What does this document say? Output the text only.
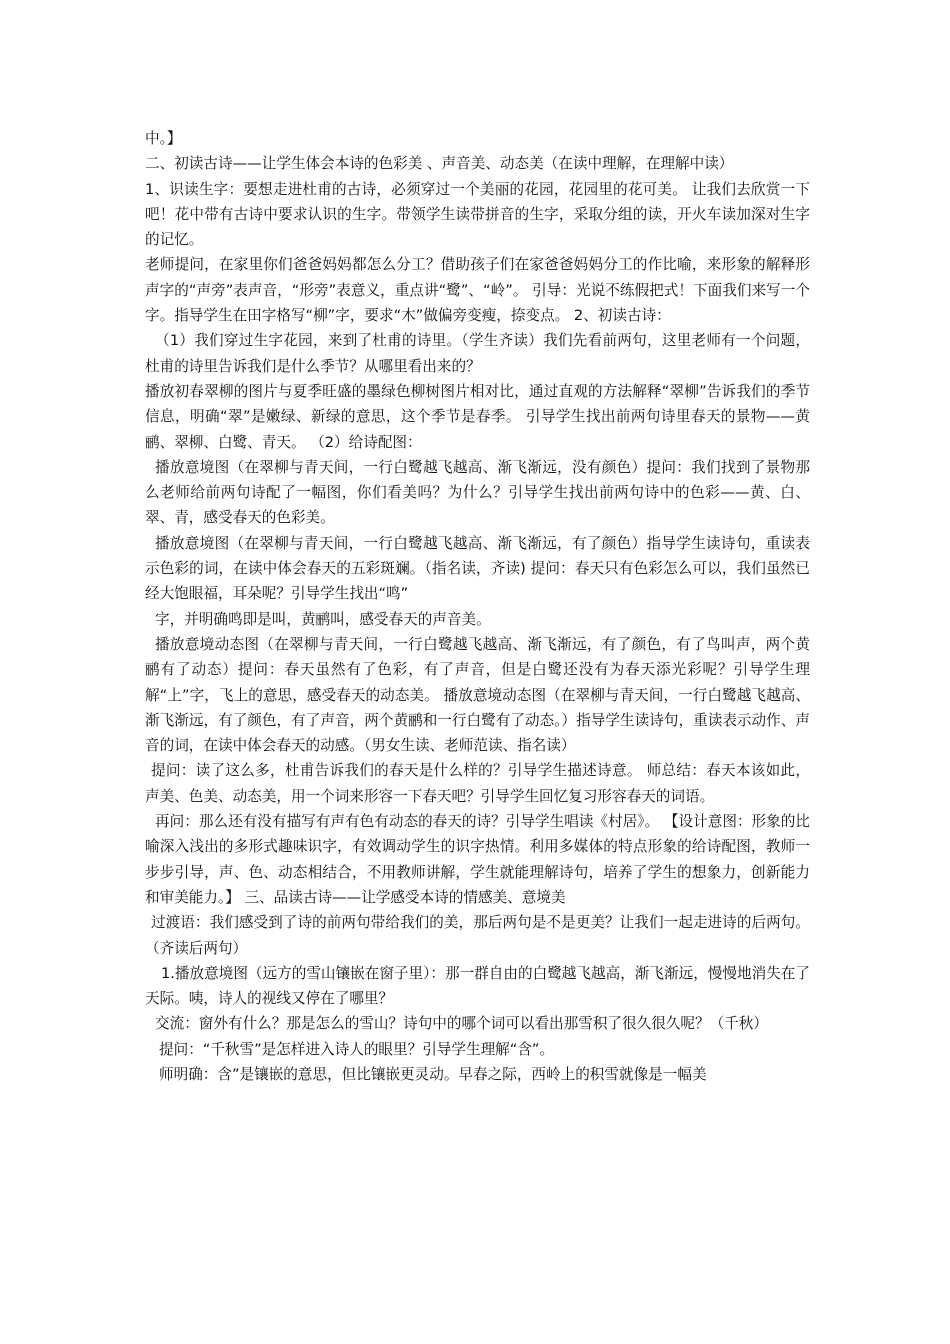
中。】

二、初读古诗——让学生体会本诗的色彩美 、声音美、动态美（在读中理解，在理解中读）

1、识读生字：要想走进杜甫的古诗，必须穿过一个美丽的花园，花园里的花可美。 让我们去欣赏一下吧！花中带有古诗中要求认识的生字。带领学生读带拼音的生字，采取分组的读，开火车读加深对生字的记忆。

老师提问，在家里你们爸爸妈妈都怎么分工？借助孩子们在家爸爸妈妈分工的作比喻，来形象的解释形声字的“声旁”表声音，“形旁”表意义，重点讲“鹭”、“岭”。 引导：光说不练假把式！下面我们来写一个字。指导学生在田字格写“柳”字，要求“木”做偏旁变瘦，捺变点。 2、初读古诗：

（1）我们穿过生字花园，来到了杜甫的诗里。（学生齐读）我们先看前两句，这里老师有一个问题，杜甫的诗里告诉我们是什么季节？从哪里看出来的？

播放初春翠柳的图片与夏季旺盛的墨绿色柳树图片相对比，通过直观的方法解释“翠柳”告诉我们的季节信息，明确“翠”是嫩绿、新绿的意思，这个季节是春季。 引导学生找出前两句诗里春天的景物——黄鹂、翠柳、白鹭、青天。 （2）给诗配图：

播放意境图（在翠柳与青天间，一行白鹭越飞越高、渐飞渐远，没有颜色）提问：我们找到了景物那么老师给前两句诗配了一幅图，你们看美吗？为什么？引导学生找出前两句诗中的色彩——黄、白、翠、青，感受春天的色彩美。

播放意境图（在翠柳与青天间，一行白鹭越飞越高、渐飞渐远，有了颜色）指导学生读诗句，重读表示色彩的词，在读中体会春天的五彩斑斓。（指名读，齐读) 提问：春天只有色彩怎么可以，我们虽然已经大饱眼福，耳朵呢？引导学生找出“鸣”

字，并明确鸣即是叫，黄鹂叫，感受春天的声音美。

播放意境动态图（在翠柳与青天间，一行白鹭越飞越高、渐飞渐远，有了颜色，有了鸟叫声，两个黄鹂有了动态）提问：春天虽然有了色彩，有了声音，但是白鹭还没有为春天添光彩呢？引导学生理解“上”字，飞上的意思，感受春天的动态美。 播放意境动态图（在翠柳与青天间，一行白鹭越飞越高、渐飞渐远，有了颜色，有了声音，两个黄鹂和一行白鹭有了动态。）指导学生读诗句，重读表示动作、声音的词，在读中体会春天的动感。（男女生读、老师范读、指名读）

提问：读了这么多，杜甫告诉我们的春天是什么样的？引导学生描述诗意。 师总结：春天本该如此，声美、色美、动态美，用一个词来形容一下春天吧？引导学生回忆复习形容春天的词语。

再问：那么还有没有描写有声有色有动态的春天的诗？引导学生唱读《村居》。 【设计意图：形象的比喻深入浅出的多形式趣味识字，有效调动学生的识字热情。利用多媒体的特点形象的给诗配图，教师一步步引导，声、色、动态相结合，不用教师讲解，学生就能理解诗句，培养了学生的想象力，创新能力和审美能力。】 三、品读古诗——让学感受本诗的情感美、意境美

过渡语：我们感受到了诗的前两句带给我们的美，那后两句是不是更美？让我们一起走进诗的后两句。（齐读后两句）

1.播放意境图（远方的雪山镶嵌在窗子里）：那一群自由的白鹭越飞越高，渐飞渐远，慢慢地消失在了天际。咦，诗人的视线又停在了哪里？

交流：窗外有什么？那是怎么的雪山？诗句中的哪个词可以看出那雪积了很久很久呢？（千秋）

提问：“千秋雪”是怎样进入诗人的眼里？引导学生理解“含”。

师明确：含”是镶嵌的意思，但比镶嵌更灵动。早春之际，西岭上的积雪就像是一幅美
